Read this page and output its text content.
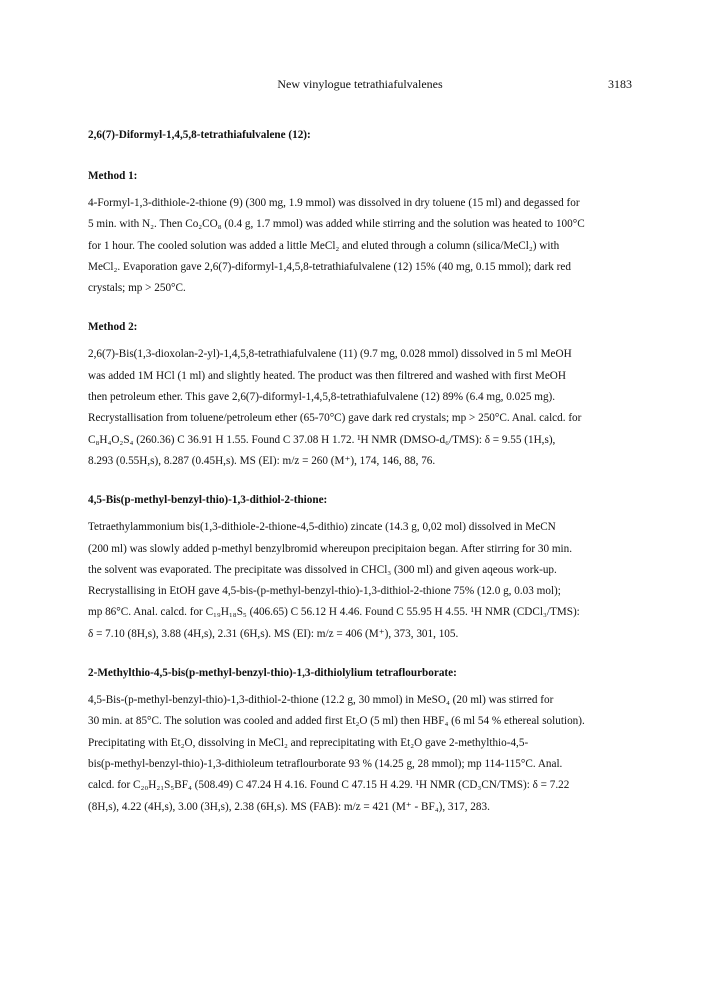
New vinylogue tetrathiafulvalenes	3183

2,6(7)-Diformyl-1,4,5,8-tetrathiafulvalene (12):

Method 1:

4-Formyl-1,3-dithiole-2-thione (9) (300 mg, 1.9 mmol) was dissolved in dry toluene (15 ml) and degassed for
5 min. with N₂. Then Co₂CO₈ (0.4 g, 1.7 mmol) was added while stirring and the solution was heated to 100°C
for 1 hour. The cooled solution was added a little MeCl₂ and eluted through a column (silica/MeCl₂) with
MeCl₂. Evaporation gave 2,6(7)-diformyl-1,4,5,8-tetrathiafulvalene (12) 15% (40 mg, 0.15 mmol); dark red
crystals; mp > 250°C.

Method 2:

2,6(7)-Bis(1,3-dioxolan-2-yl)-1,4,5,8-tetrathiafulvalene (11) (9.7 mg, 0.028 mmol) dissolved in 5 ml MeOH
was added 1M HCl (1 ml) and slightly heated. The product was then filtrered and washed with first MeOH
then petroleum ether. This gave 2,6(7)-diformyl-1,4,5,8-tetrathiafulvalene (12) 89% (6.4 mg, 0.025 mg).
Recrystallisation from toluene/petroleum ether (65-70°C) gave dark red crystals; mp > 250°C. Anal. calcd. for
C₈H₄O₂S₄ (260.36) C 36.91 H 1.55. Found C 37.08 H 1.72. ¹H NMR (DMSO-d₆/TMS): δ = 9.55 (1H,s),
8.293 (0.55H,s), 8.287 (0.45H,s). MS (EI): m/z = 260 (M⁺), 174, 146, 88, 76.

4,5-Bis(p-methyl-benzyl-thio)-1,3-dithiol-2-thione:

Tetraethylammonium bis(1,3-dithiole-2-thione-4,5-dithio) zincate (14.3 g, 0,02 mol) dissolved in MeCN
(200 ml) was slowly added p-methyl benzylbromid whereupon precipitaion began. After stirring for 30 min.
the solvent was evaporated. The precipitate was dissolved in CHCl₃ (300 ml) and given aqeous work-up.
Recrystallising in EtOH gave 4,5-bis-(p-methyl-benzyl-thio)-1,3-dithiol-2-thione 75% (12.0 g, 0.03 mol);
mp 86°C. Anal. calcd. for C₁₉H₁₈S₅ (406.65) C 56.12 H 4.46. Found C 55.95 H 4.55. ¹H NMR (CDCl₃/TMS):
δ = 7.10 (8H,s), 3.88 (4H,s), 2.31 (6H,s). MS (EI): m/z = 406 (M⁺), 373, 301, 105.

2-Methylthio-4,5-bis(p-methyl-benzyl-thio)-1,3-dithiolylium tetraflourborate:

4,5-Bis-(p-methyl-benzyl-thio)-1,3-dithiol-2-thione (12.2 g, 30 mmol) in MeSO₄ (20 ml) was stirred for
30 min. at 85°C. The solution was cooled and added first Et₂O (5 ml) then HBF₄ (6 ml 54 % ethereal solution).
Precipitating with Et₂O, dissolving in MeCl₂ and reprecipitating with Et₂O gave 2-methylthio-4,5-
bis(p-methyl-benzyl-thio)-1,3-dithioleum tetraflourborate 93 % (14.25 g, 28 mmol); mp 114-115°C. Anal.
calcd. for C₂₀H₂₁S₅BF₄ (508.49) C 47.24 H 4.16. Found C 47.15 H 4.29. ¹H NMR (CD₃CN/TMS): δ = 7.22
(8H,s), 4.22 (4H,s), 3.00 (3H,s), 2.38 (6H,s). MS (FAB): m/z = 421 (M⁺ - BF₄), 317, 283.
